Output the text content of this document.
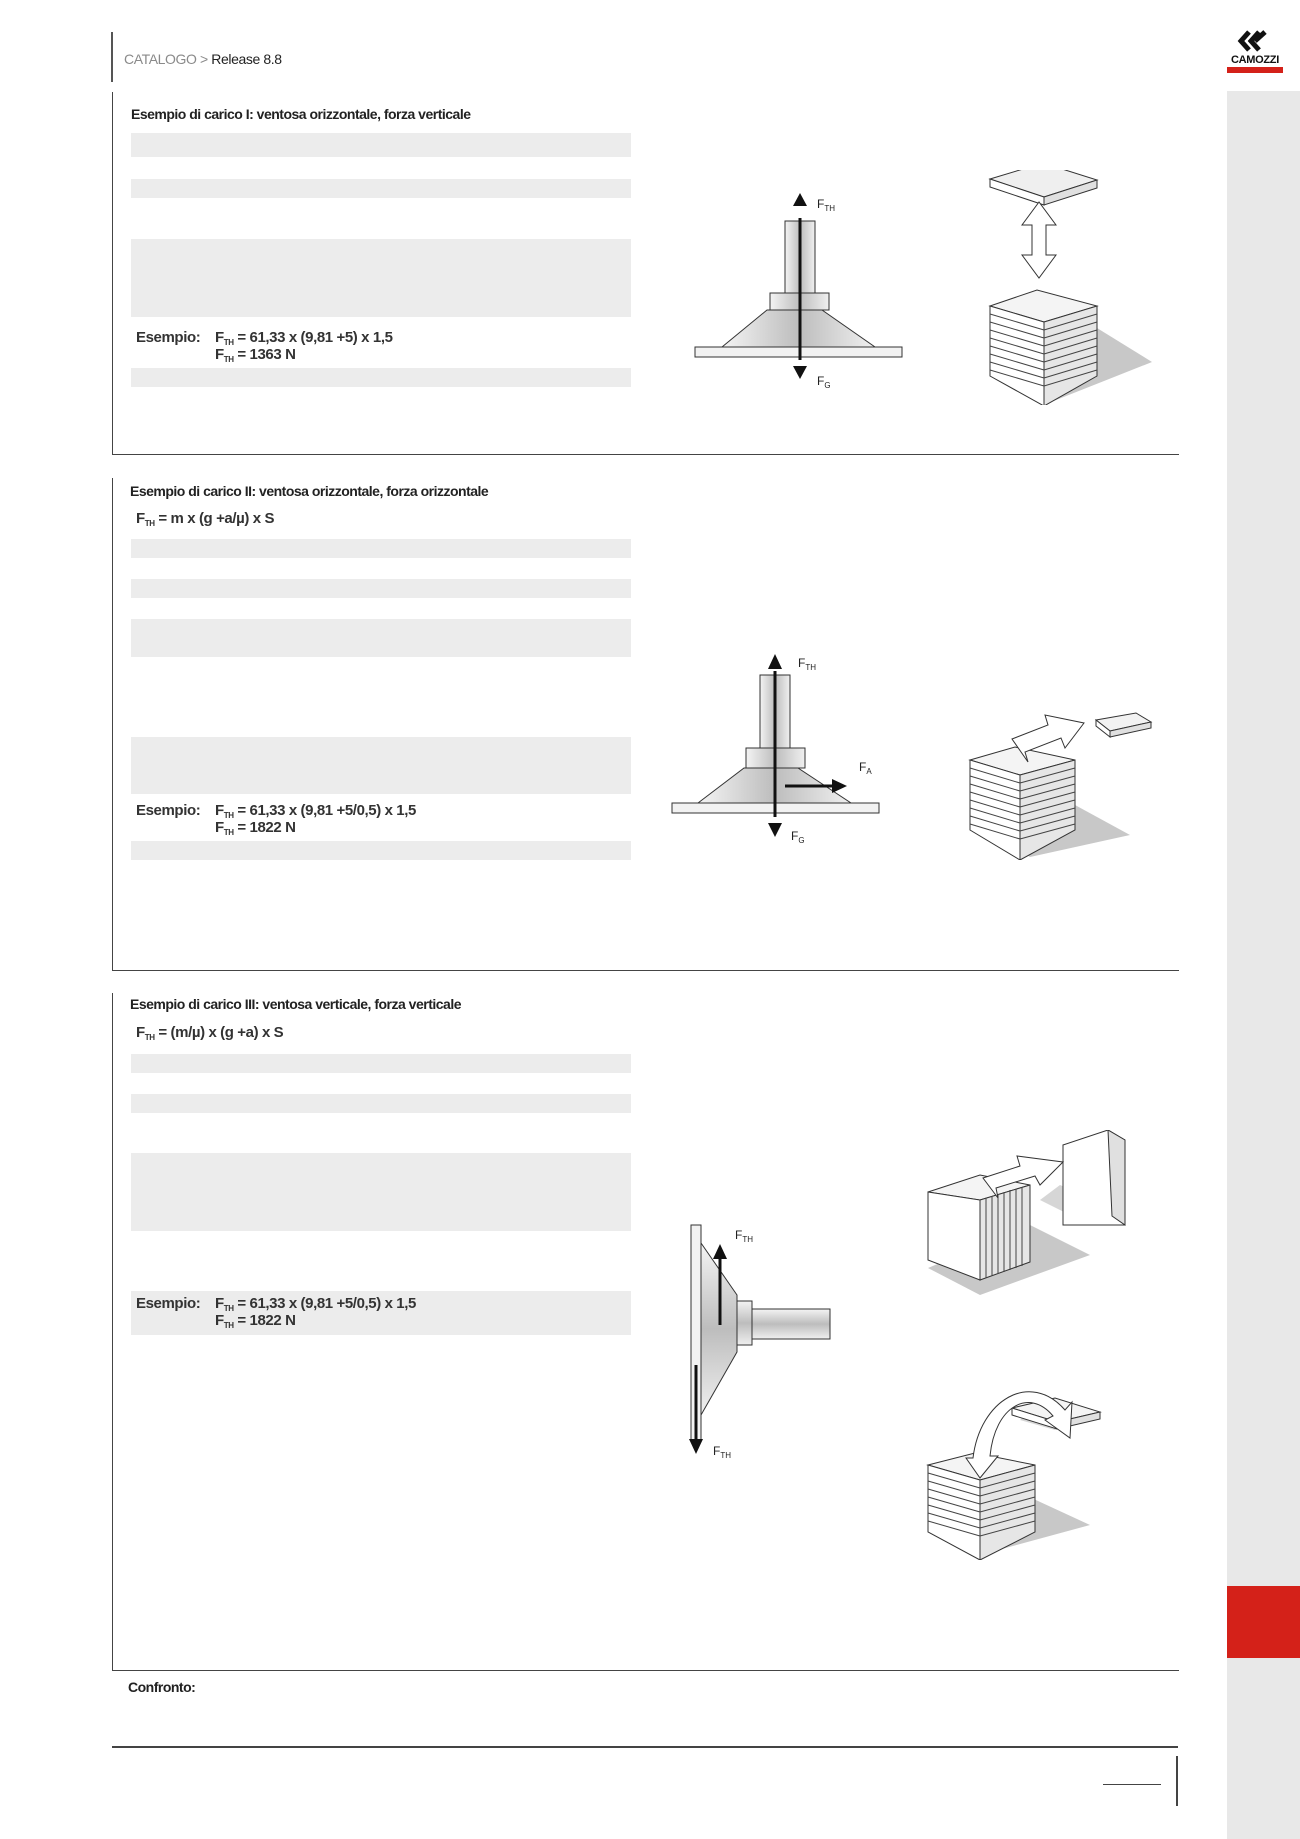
CATALOGO > Release 8.8	CAMOZZI
Esempio di carico I: ventosa orizzontale, forza verticale
Esempio: $F_{TH} = 61,33$ x (9,81 +5) x 1,5
$F_{TH} = 1363$ N
$F_{TH}$
$F_G$
Esempio di carico II: ventosa orizzontale, forza orizzontale
$F_{TH} = m$ x (g +a/µ) x S
Esempio: $F_{TH} = 61,33$ x (9,81 +5/0,5) x 1,5
$F_{TH} = 1822$ N
$F_{TH}$
$F_A$
$F_G$
Esempio di carico III: ventosa verticale, forza verticale
$F_{TH} = (m/\mu)$ x (g +a) x S
Esempio: $F_{TH} = 61,33$ x (9,81 +5/0,5) x 1,5
$F_{TH} = 1822$ N
$F_{TH}$
$F_{TH}$
Confronto:
